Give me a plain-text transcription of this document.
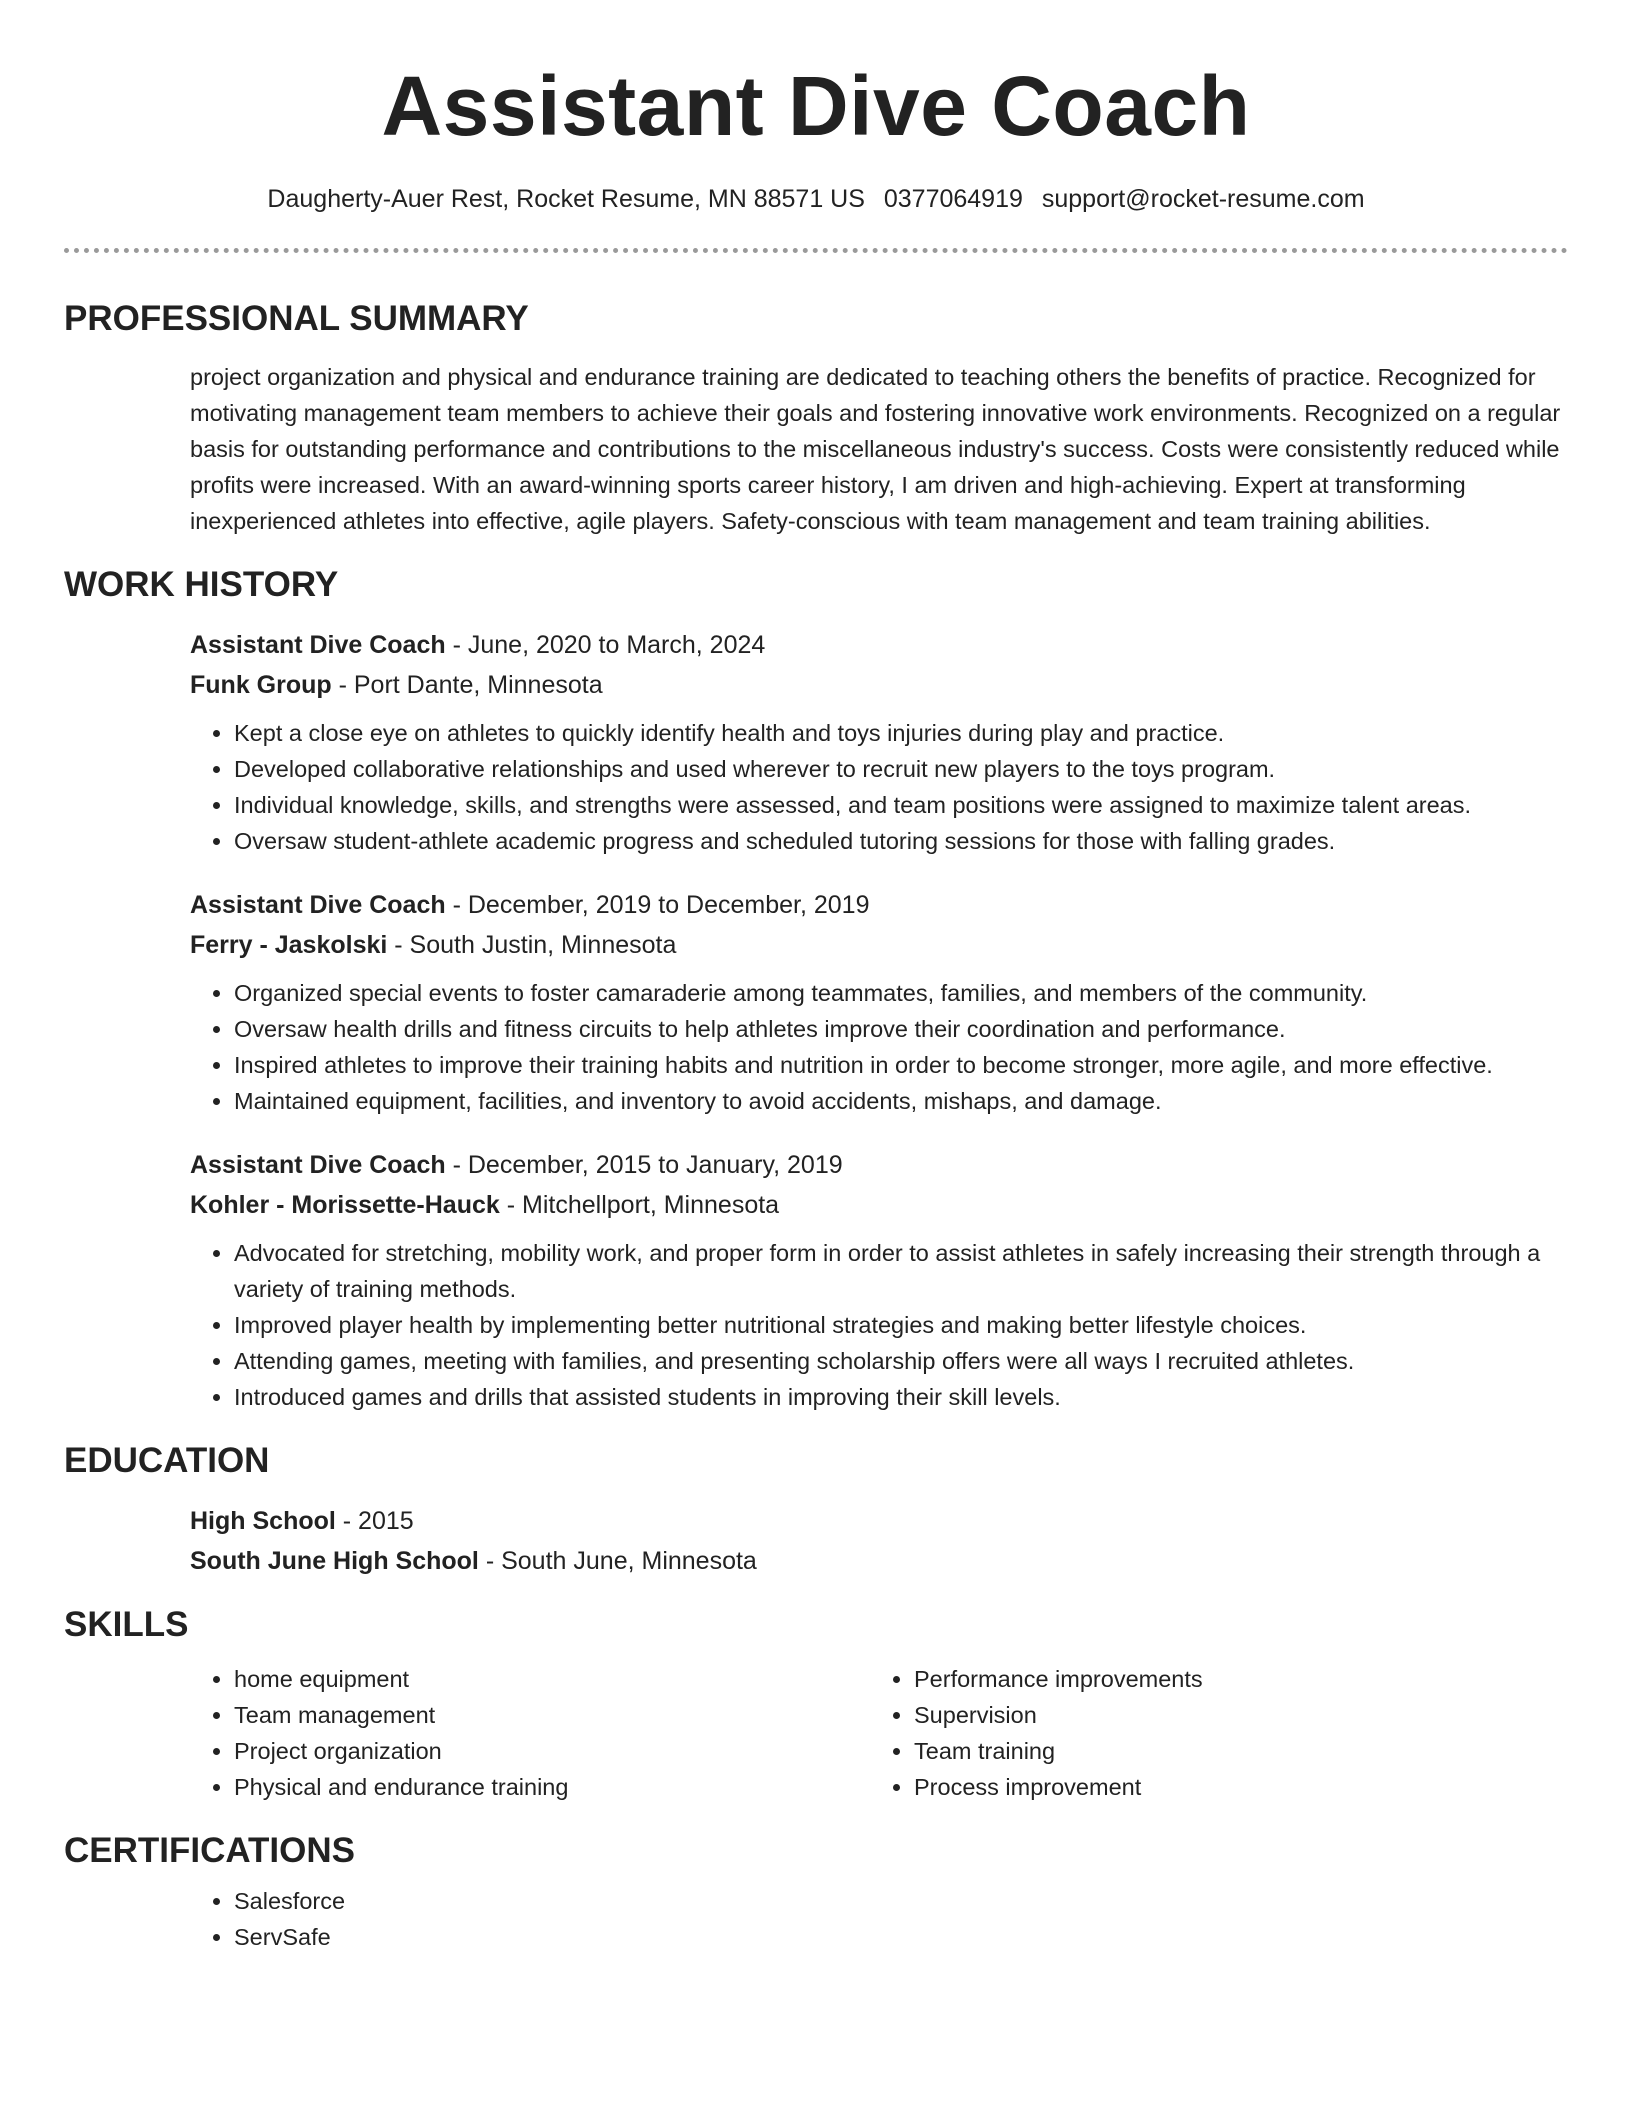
Assistant Dive Coach
Daugherty-Auer Rest, Rocket Resume, MN 88571 US 0377064919 support@rocket-resume.com
PROFESSIONAL SUMMARY
project organization and physical and endurance training are dedicated to teaching others the benefits of practice. Recognized for motivating management team members to achieve their goals and fostering innovative work environments. Recognized on a regular basis for outstanding performance and contributions to the miscellaneous industry's success. Costs were consistently reduced while profits were increased. With an award-winning sports career history, I am driven and high-achieving. Expert at transforming inexperienced athletes into effective, agile players. Safety-conscious with team management and team training abilities.
WORK HISTORY
Assistant Dive Coach - June, 2020 to March, 2024
Funk Group - Port Dante, Minnesota
• Kept a close eye on athletes to quickly identify health and toys injuries during play and practice.
• Developed collaborative relationships and used wherever to recruit new players to the toys program.
• Individual knowledge, skills, and strengths were assessed, and team positions were assigned to maximize talent areas.
• Oversaw student-athlete academic progress and scheduled tutoring sessions for those with falling grades.
Assistant Dive Coach - December, 2019 to December, 2019
Ferry - Jaskolski - South Justin, Minnesota
• Organized special events to foster camaraderie among teammates, families, and members of the community.
• Oversaw health drills and fitness circuits to help athletes improve their coordination and performance.
• Inspired athletes to improve their training habits and nutrition in order to become stronger, more agile, and more effective.
• Maintained equipment, facilities, and inventory to avoid accidents, mishaps, and damage.
Assistant Dive Coach - December, 2015 to January, 2019
Kohler - Morissette-Hauck - Mitchellport, Minnesota
• Advocated for stretching, mobility work, and proper form in order to assist athletes in safely increasing their strength through a variety of training methods.
• Improved player health by implementing better nutritional strategies and making better lifestyle choices.
• Attending games, meeting with families, and presenting scholarship offers were all ways I recruited athletes.
• Introduced games and drills that assisted students in improving their skill levels.
EDUCATION
High School - 2015
South June High School - South June, Minnesota
SKILLS
• home equipment
• Team management
• Project organization
• Physical and endurance training
• Performance improvements
• Supervision
• Team training
• Process improvement
CERTIFICATIONS
• Salesforce
• ServSafe
